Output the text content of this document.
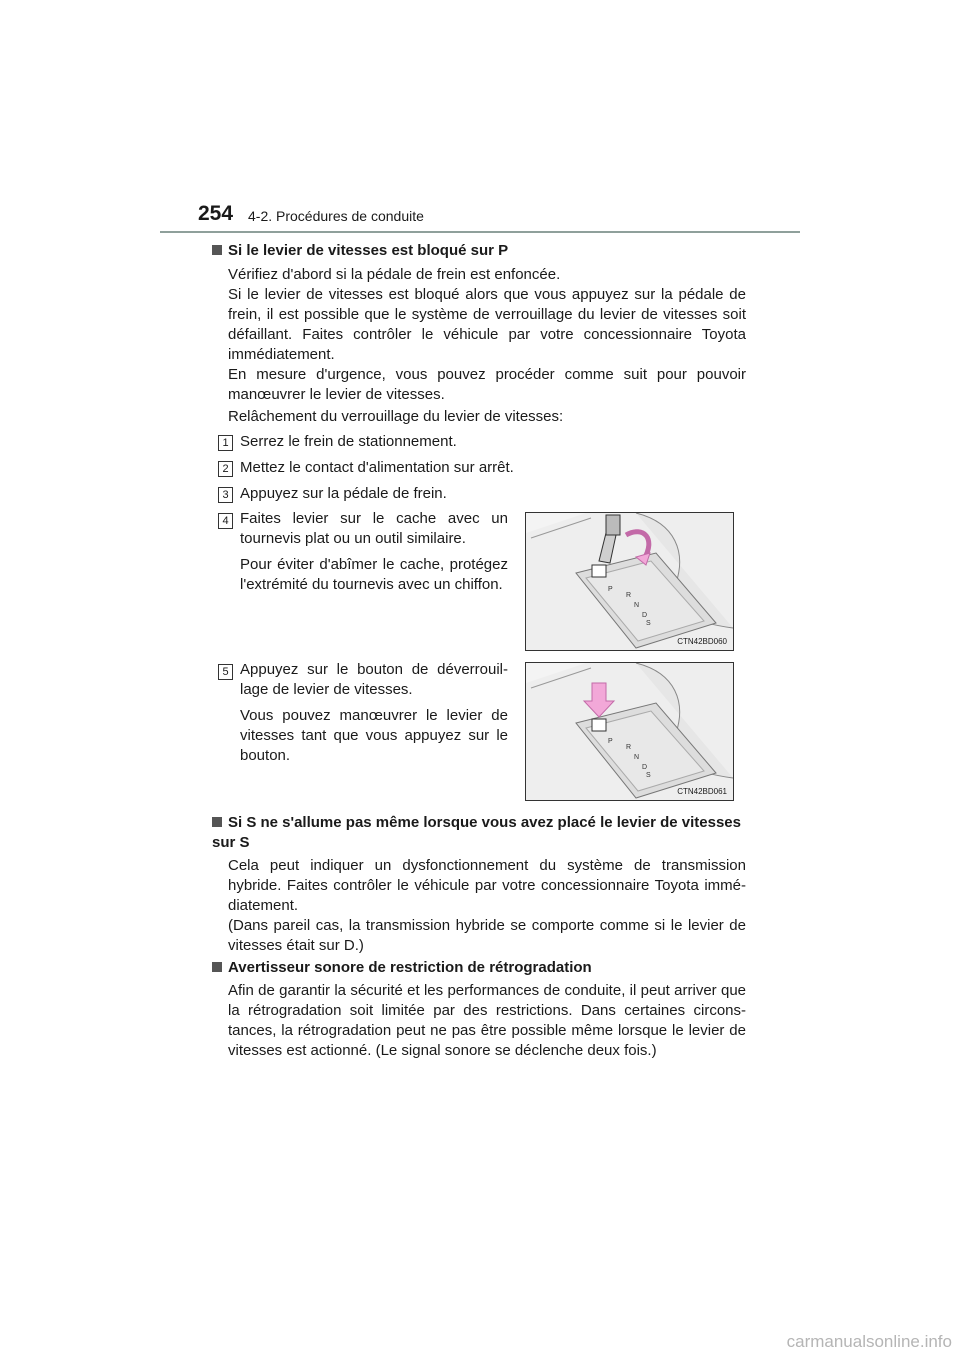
254 4-2. Procédures de conduite
Si le levier de vitesses est bloqué sur P
Vérifiez d'abord si la pédale de frein est enfoncée.
Si le levier de vitesses est bloqué alors que vous appuyez sur la pédale de frein, il est possible que le système de verrouillage du levier de vitesses soit défaillant. Faites contrôler le véhicule par votre concessionnaire Toyota immédiatement.
En mesure d'urgence, vous pouvez procéder comme suit pour pouvoir manœuvrer le levier de vitesses.
Relâchement du verrouillage du levier de vitesses:
1 Serrez le frein de stationnement.
2 Mettez le contact d'alimentation sur arrêt.
3 Appuyez sur la pédale de frein.
4 Faites levier sur le cache avec un tournevis plat ou un outil similaire.
Pour éviter d'abîmer le cache, protégez l'extrémité du tournevis avec un chiffon.	P
R
N
D
S
CTN42BD060
5 Appuyez sur le bouton de déverrouil-lage de levier de vitesses.
Vous pouvez manœuvrer le levier de vitesses tant que vous appuyez sur le bouton.
P
R
N
D
S
CTN42BD061
Si S ne s'allume pas même lorsque vous avez placé le levier de vitesses sur S
Cela peut indiquer un dysfonctionnement du système de transmission hybride. Faites contrôler le véhicule par votre concessionnaire Toyota immé-diatement.
(Dans pareil cas, la transmission hybride se comporte comme si le levier de vitesses était sur D.)
Avertisseur sonore de restriction de rétrogradation
Afin de garantir la sécurité et les performances de conduite, il peut arriver que la rétrogradation soit limitée par des restrictions. Dans certaines circons-tances, la rétrogradation peut ne pas être possible même lorsque le levier de vitesses est actionné. (Le signal sonore se déclenche deux fois.)
carmanualsonline.info
